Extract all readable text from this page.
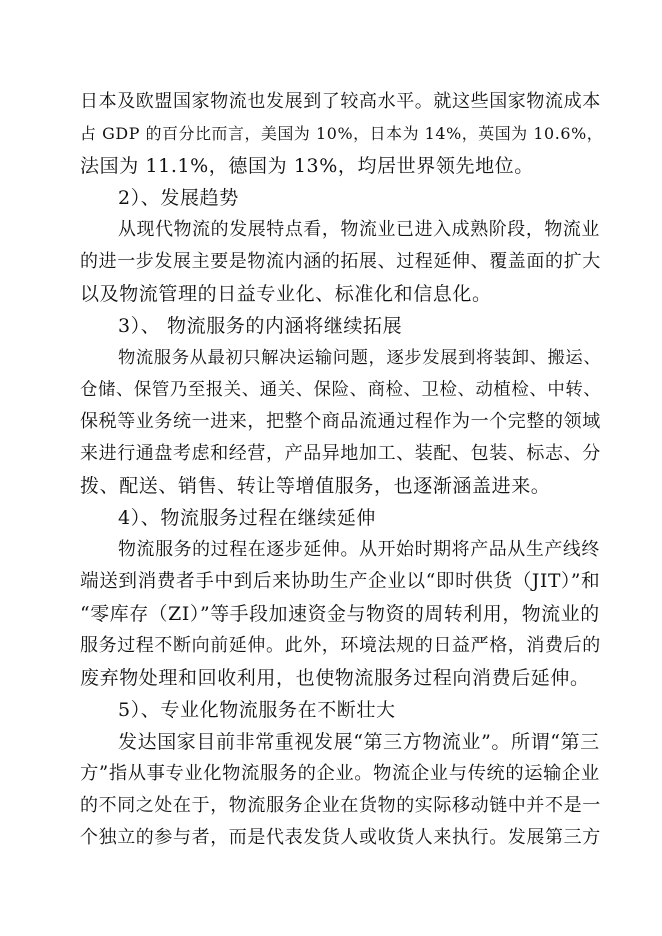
日本及欧盟国家物流也发展到了较高水平。就这些国家物流成本
占 GDP 的百分比而言，美国为 10%，日本为 14%，英国为 10.6%，
法国为 11.1%，德国为 13%，均居世界领先地位。
2）、发展趋势
从现代物流的发展特点看，物流业已进入成熟阶段，物流业
的进一步发展主要是物流内涵的拓展、过程延伸、覆盖面的扩大
以及物流管理的日益专业化、标准化和信息化。
3）、 物流服务的内涵将继续拓展
物流服务从最初只解决运输问题，逐步发展到将装卸、搬运、
仓储、保管乃至报关、通关、保险、商检、卫检、动植检、中转、
保税等业务统一进来，把整个商品流通过程作为一个完整的领域
来进行通盘考虑和经营，产品异地加工、装配、包装、标志、分
拨、配送、销售、转让等增值服务，也逐渐涵盖进来。
4）、物流服务过程在继续延伸
物流服务的过程在逐步延伸。从开始时期将产品从生产线终
端送到消费者手中到后来协助生产企业以“即时供货（JIT）”和
“零库存（ZI）”等手段加速资金与物资的周转利用，物流业的
服务过程不断向前延伸。此外，环境法规的日益严格，消费后的
废弃物处理和回收利用，也使物流服务过程向消费后延伸。
5）、专业化物流服务在不断壮大
发达国家目前非常重视发展“第三方物流业”。所谓“第三
方”指从事专业化物流服务的企业。物流企业与传统的运输企业
的不同之处在于，物流服务企业在货物的实际移动链中并不是一
个独立的参与者，而是代表发货人或收货人来执行。发展第三方
